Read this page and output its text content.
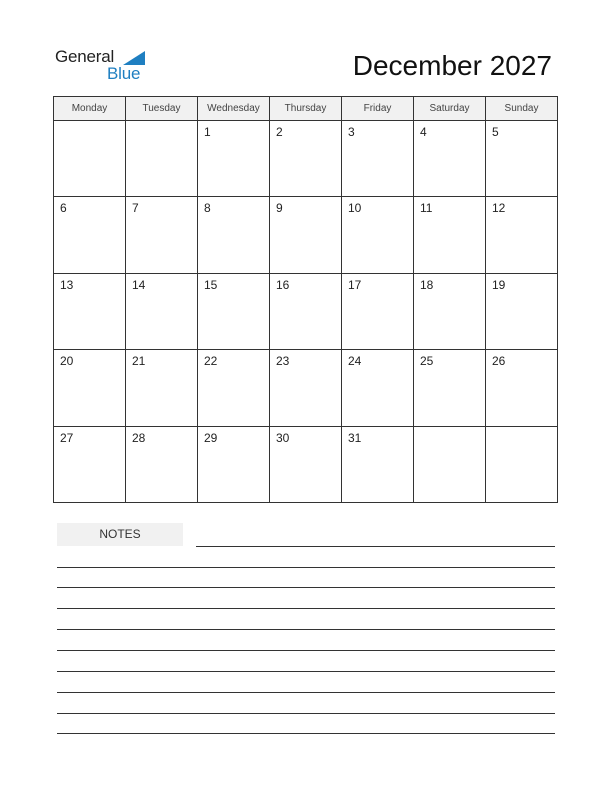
General
Blue	December 2027
Monday	Tuesday	Wednesday	Thursday	Friday	Saturday	Sunday
		1	2	3	4	5
6	7	8	9	10	11	12
13	14	15	16	17	18	19
20	21	22	23	24	25	26
27	28	29	30	31		
NOTES
